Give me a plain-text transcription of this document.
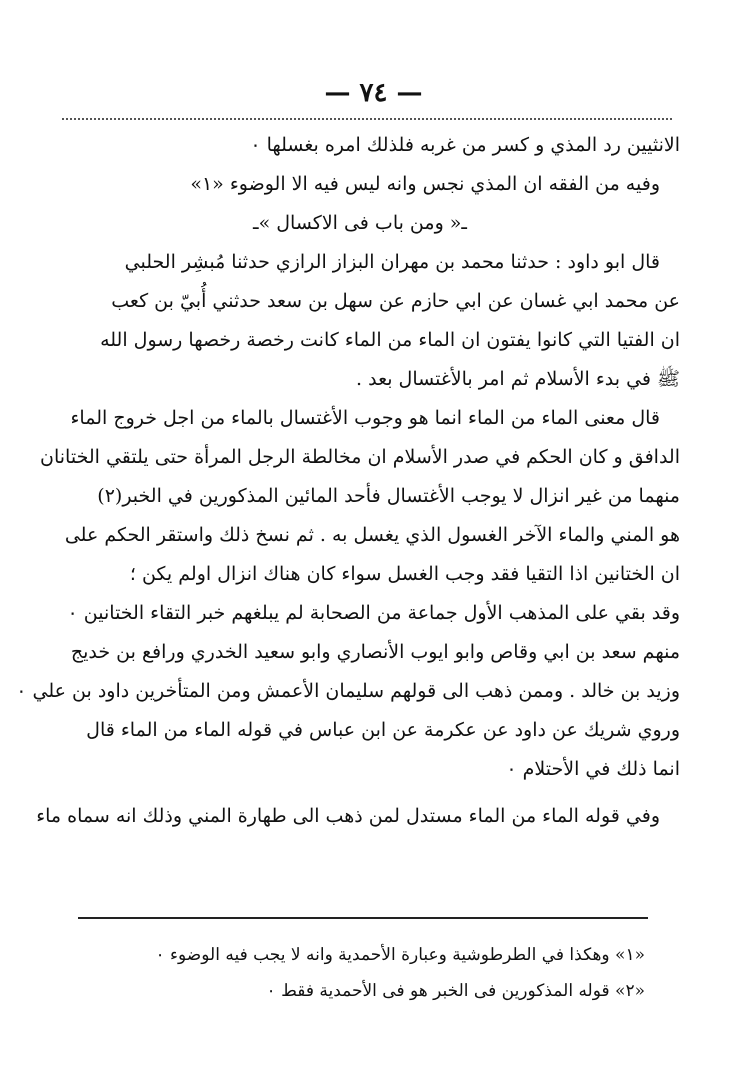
— ٧٤ —
الانثيين رد المذي و كسر من غربه فلذلك امره بغسلها ٠
وفيه من الفقه ان المذي نجس وانه ليس فيه الا الوضوء «١»
ـ« ومن باب فى الاكسال »ـ
قال ابو داود : حدثنا محمد بن مهران البزاز الرازي حدثنا مُبشِر الحلبي
عن محمد ابي غسان عن ابي حازم عن سهل بن سعد حدثني أُبيّ بن كعب
ان الفتيا التي كانوا يفتون ان الماء من الماء كانت رخصة رخصها رسول الله
ﷺ في بدء الأسلام ثم امر بالأغتسال بعد .
قال معنى الماء من الماء انما هو وجوب الأغتسال بالماء من اجل خروج الماء
الدافق و كان الحكم في صدر الأسلام ان مخالطة الرجل المرأة حتى يلتقي الختانان
منهما من غير انزال لا يوجب الأغتسال فأحد المائين المذكورين في الخبر(٢)
هو المني والماء الآخر الغسول الذي يغسل به . ثم نسخ ذلك واستقر الحكم على
ان الختانين اذا التقيا فقد وجب الغسل سواء كان هناك انزال اولم يكن ؛
وقد بقي على المذهب الأول جماعة من الصحابة لم يبلغهم خبر التقاء الختانين ٠
منهم سعد بن ابي وقاص وابو ايوب الأنصاري وابو سعيد الخدري ورافع بن خديج
وزيد بن خالد . وممن ذهب الى قولهم سليمان الأعمش ومن المتأخرين داود بن علي ٠
وروي شريك عن داود عن عكرمة عن ابن عباس في قوله الماء من الماء قال
انما ذلك في الأحتلام ٠
وفي قوله الماء من الماء مستدل لمن ذهب الى طهارة المني وذلك انه سماه ماء
«١» وهكذا في الطرطوشية وعبارة الأحمدية وانه لا يجب فيه الوضوء ٠
«٢» قوله المذكورين فى الخبر هو فى الأحمدية فقط ٠
